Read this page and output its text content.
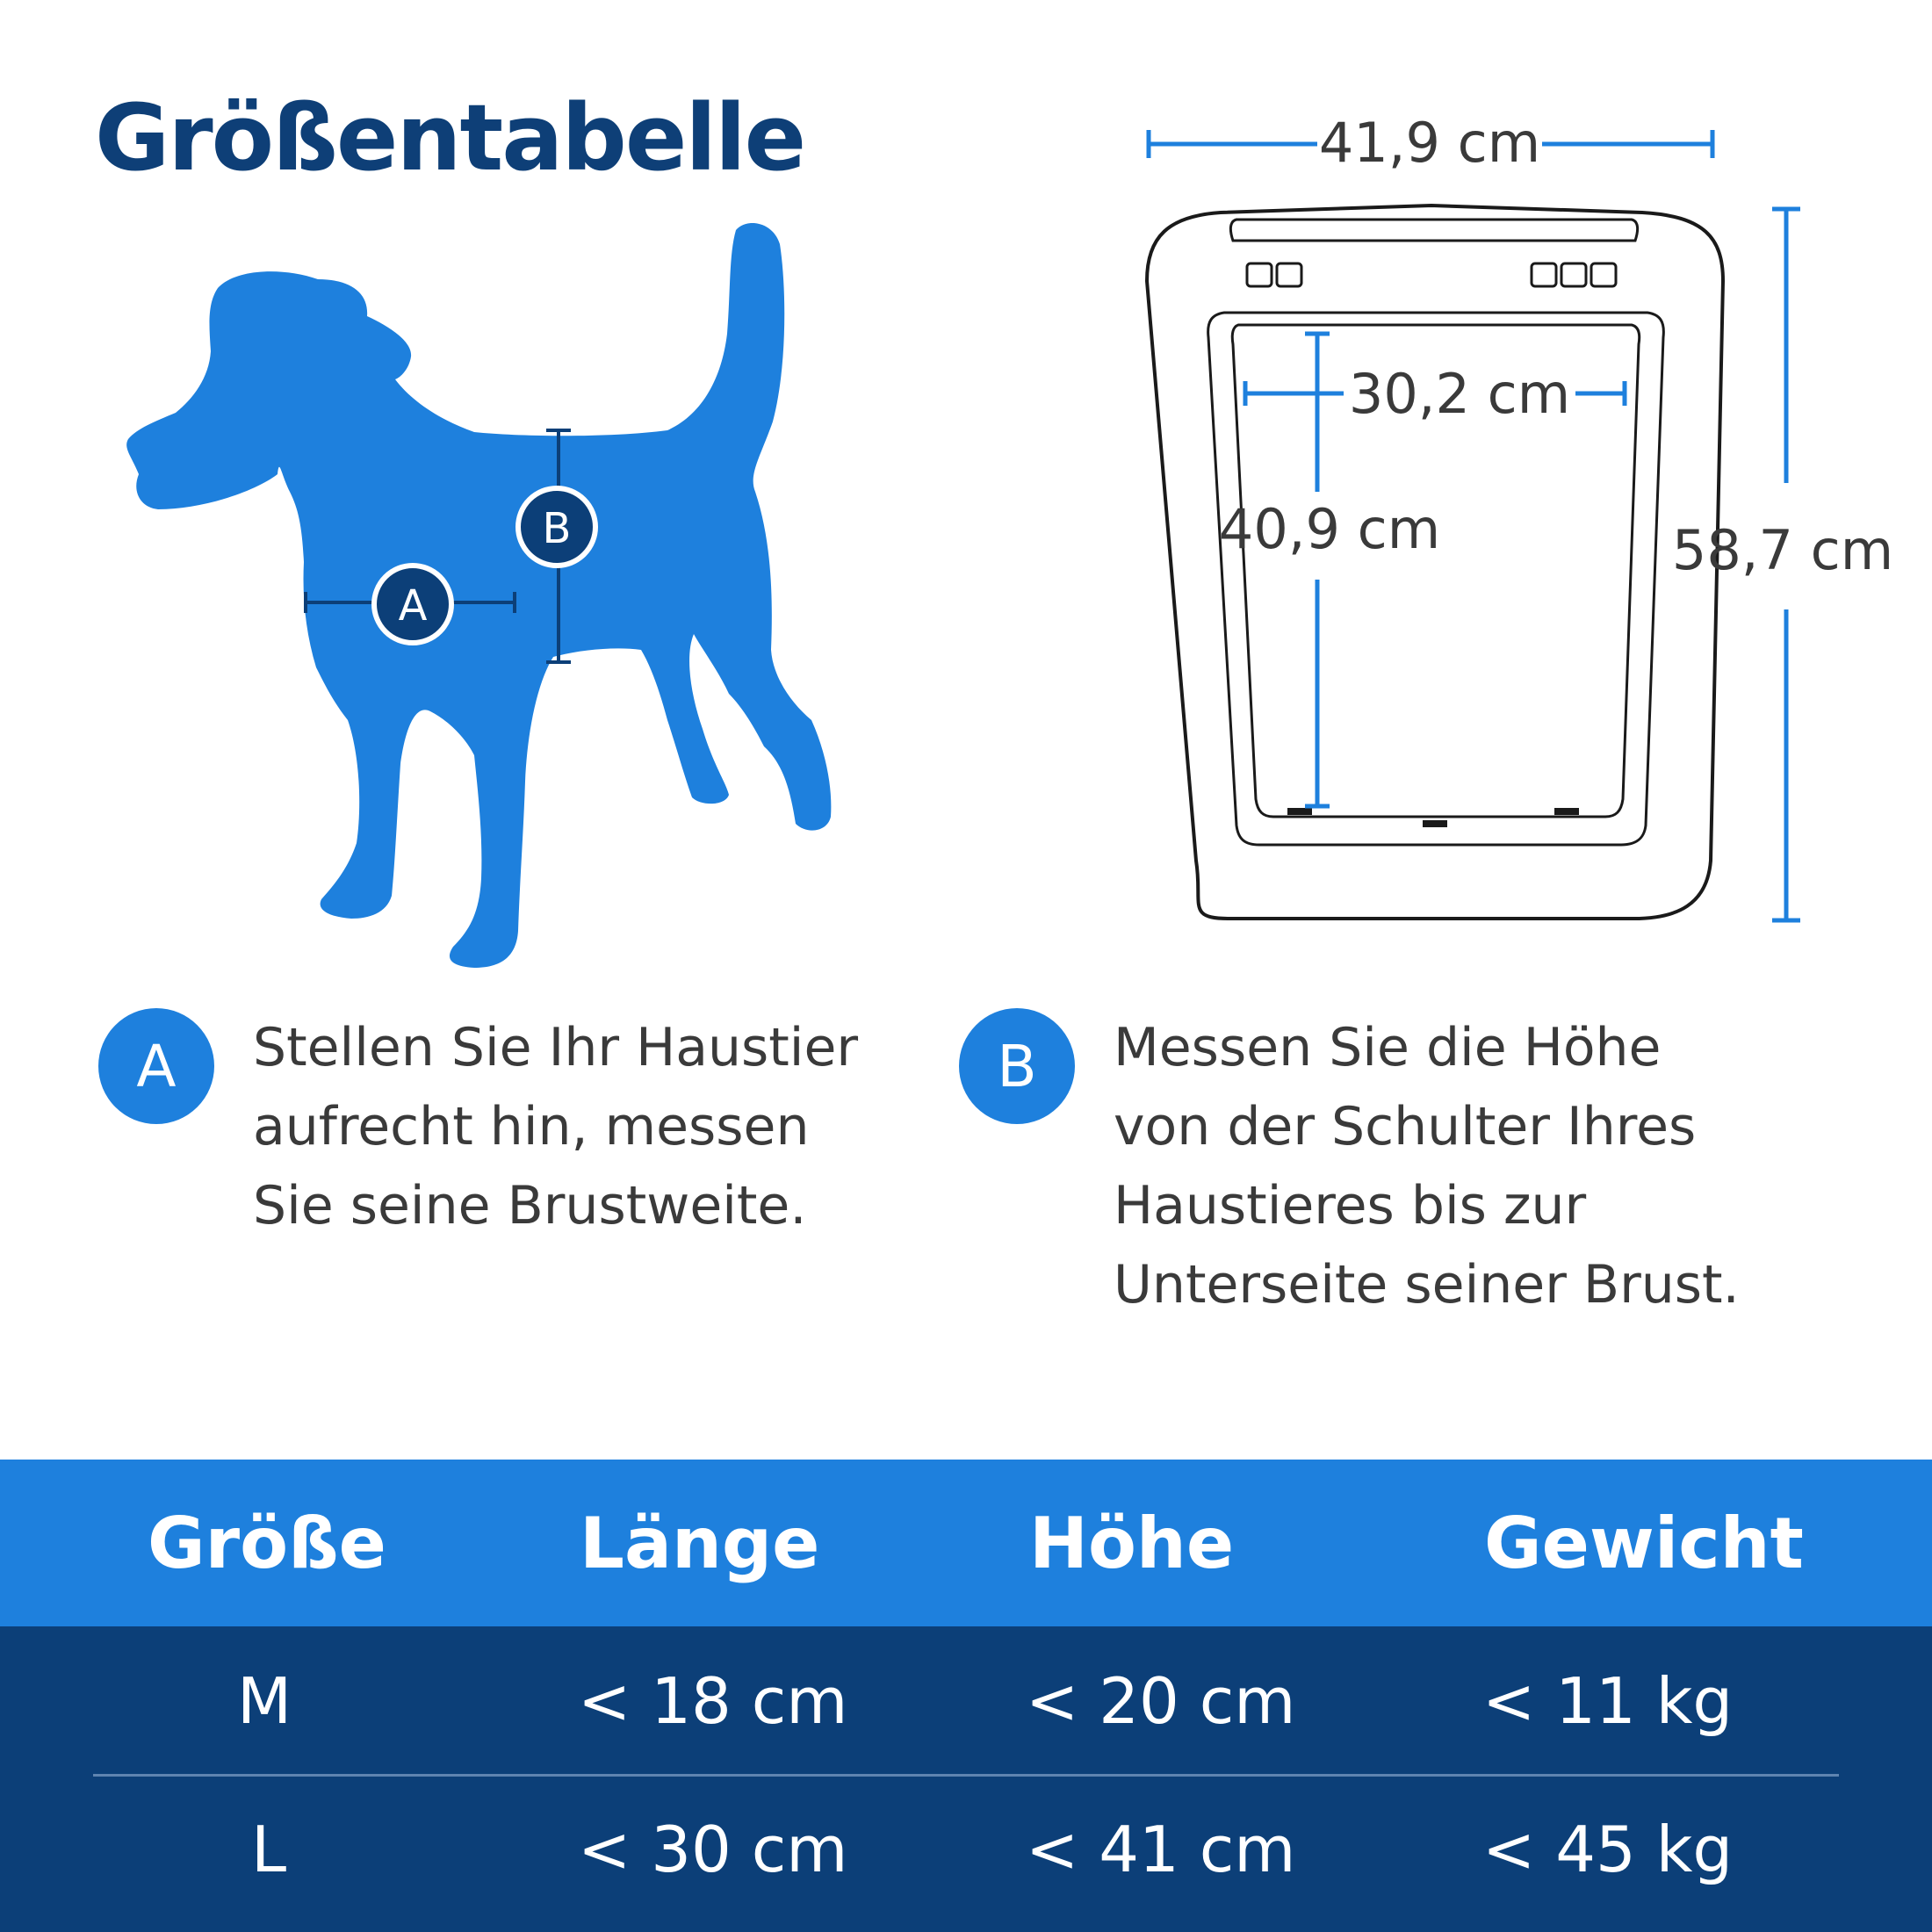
Größentabelle
A
B
41,9 cm
58,7 cm
30,2 cm
40,9 cm
A	Stellen Sie Ihr Haustier
aufrecht hin, messen
Sie seine Brustweite.
B	Messen Sie die Höhe
von der Schulter Ihres
Haustieres bis zur
Unterseite seiner Brust.
Größe	Länge	Höhe	Gewicht
M	< 18 cm	< 20 cm	< 11 kg
L	< 30 cm	< 41 cm	< 45 kg
